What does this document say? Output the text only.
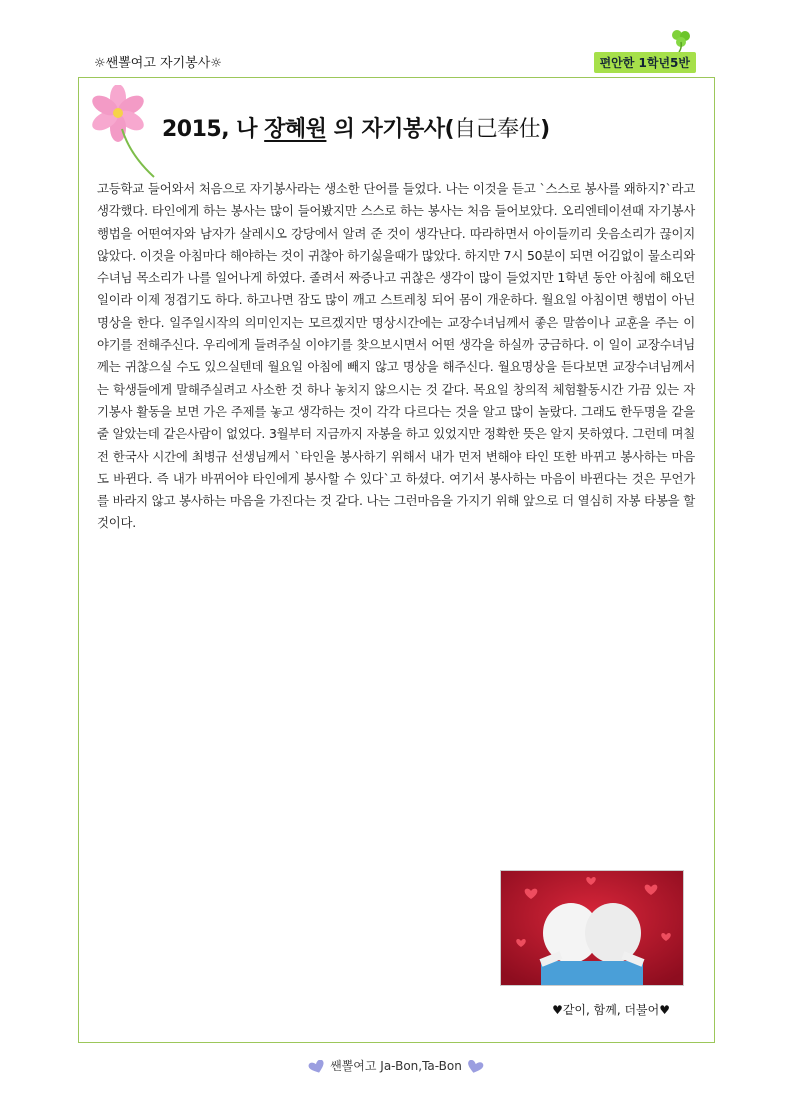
☼쌘뽈여고 자기봉사☼	편안한 1학년5반
2015, 나 장혜원 의 자기봉사(自己奉仕)
고등학교 들어와서 처음으로 자기봉사라는 생소한 단어를 들었다. 나는 이것을 듣고 `스스로 봉사를 왜하지?`라고 생각했다. 타인에게 하는 봉사는 많이 들어봤지만 스스로 하는 봉사는 처음 들어보았다. 오리엔테이션때 자기봉사 행법을 어떤여자와 남자가 살레시오 강당에서 알려 준 것이 생각난다. 따라하면서 아이들끼리 웃음소리가 끊이지 않았다. 이것을 아침마다 해야하는 것이 귀찮아 하기싫을때가 많았다. 하지만 7시 50분이 되면 어김없이 물소리와 수녀님 목소리가 나를 일어나게 하였다. 졸려서 짜증나고 귀찮은 생각이 많이 들었지만 1학년 동안 아침에 해오던 일이라 이제 정겹기도 하다. 하고나면 잠도 많이 깨고 스트레칭 되어 몸이 개운하다. 월요일 아침이면 행법이 아닌 명상을 한다. 일주일시작의 의미인지는 모르겠지만 명상시간에는 교장수녀님께서 좋은 말씀이나 교훈을 주는 이야기를 전해주신다. 우리에게 들려주실 이야기를 찾으보시면서 어떤 생각을 하실까 궁금하다. 이 일이 교장수녀님께는 귀찮으실 수도 있으실텐데 월요일 아침에 빼지 않고 명상을 해주신다. 월요명상을 듣다보면 교장수녀님께서는 학생들에게 말해주실려고 사소한 것 하나 놓치지 않으시는 것 같다. 목요일 창의적 체험활동시간 가끔 있는 자기봉사 활동을 보면 가은 주제를 놓고 생각하는 것이 각각 다르다는 것을 알고 많이 놀랐다. 그래도 한두명을 같을 줄 알았는데 같은사람이 없었다. 3월부터 지금까지 자봉을 하고 있었지만 정확한 뜻은 알지 못하였다. 그런데 며칠전 한국사 시간에 최병규 선생님께서 `타인을 봉사하기 위해서 내가 먼저 변해야 타인 또한 바뀌고 봉사하는 마음도 바뀐다. 즉 내가 바뀌어야 타인에게 봉사할 수 있다`고 하셨다. 여기서 봉사하는 마음이 바뀐다는 것은 무언가를 바라지 않고 봉사하는 마음을 가진다는 것 같다. 나는 그런마음을 가지기 위해 앞으로 더 열심히 자봉 타봉을 할 것이다.
♥같이, 함께, 더불어♥
쌘뽈여고 Ja-Bon,Ta-Bon
